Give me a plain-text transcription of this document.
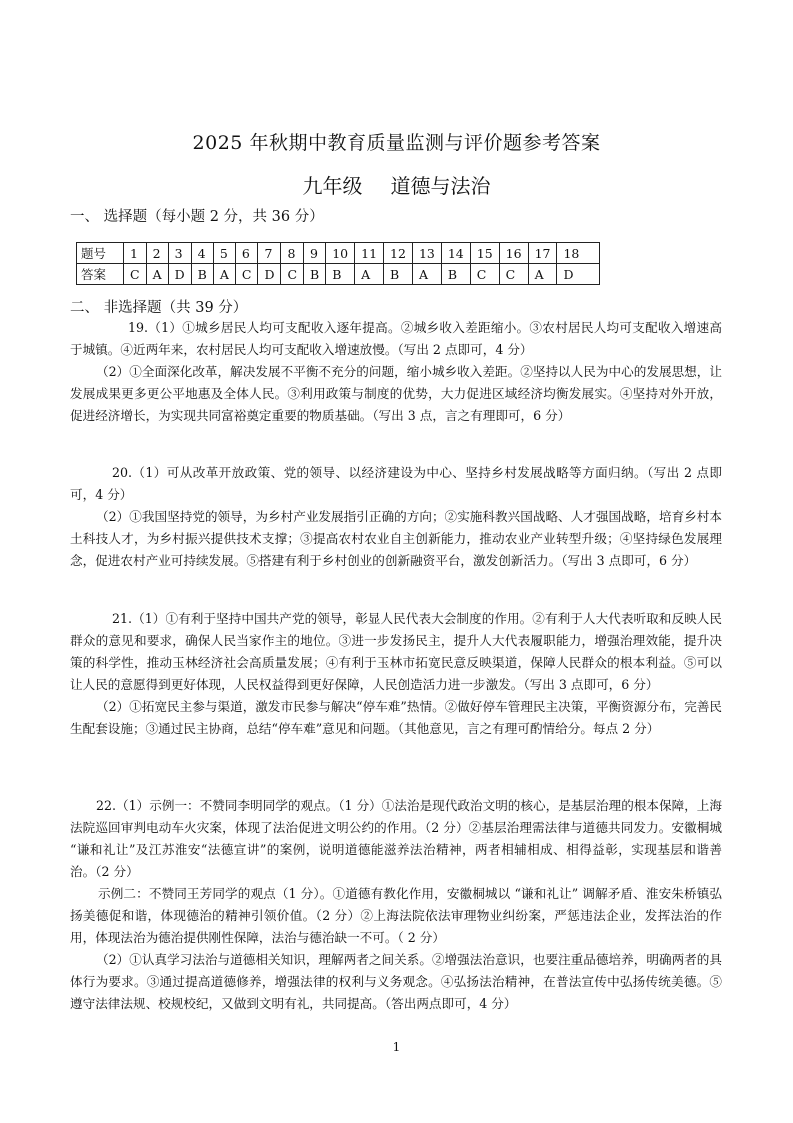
2025 年秋期中教育质量监测与评价题参考答案
九年级 道德与法治
一、 选择题（每小题 2 分，共 36 分）
题号	1	2	3	4	5	6	7	8	9	10	11	12	13	14	15	16	17	18
答案	C	A	D	B	A	C	D	C	B	B	A	B	A	B	C	C	A	D
二、 非选择题（共 39 分）

19.（1）①城乡居民人均可支配收入逐年提高。②城乡收入差距缩小。③农村居民人均可支配收入增速高于城镇。④近两年来，农村居民人均可支配收入增速放慢。（写出 2 点即可，4 分）

（2）①全面深化改革，解决发展不平衡不充分的问题，缩小城乡收入差距。②坚持以人民为中心的发展思想，让发展成果更多更公平地惠及全体人民。③利用政策与制度的优势，大力促进区域经济均衡发展实。④坚持对外开放，促进经济增长，为实现共同富裕奠定重要的物质基础。（写出 3 点，言之有理即可，6 分）

20.（1）可从改革开放政策、党的领导、以经济建设为中心、坚持乡村发展战略等方面归纳。（写出 2 点即可，4 分）

（2）①我国坚持党的领导，为乡村产业发展指引正确的方向；②实施科教兴国战略、人才强国战略，培育乡村本土科技人才，为乡村振兴提供技术支撑；③提高农村农业自主创新能力，推动农业产业转型升级；④坚持绿色发展理念，促进农村产业可持续发展。⑤搭建有利于乡村创业的创新融资平台，激发创新活力。（写出 3 点即可，6 分）

21.（1）①有利于坚持中国共产党的领导，彰显人民代表大会制度的作用。②有利于人大代表听取和反映人民群众的意见和要求，确保人民当家作主的地位。③进一步发扬民主，提升人大代表履职能力，增强治理效能，提升决策的科学性，推动玉林经济社会高质量发展；④有利于玉林市拓宽民意反映渠道，保障人民群众的根本利益。⑤可以让人民的意愿得到更好体现，人民权益得到更好保障，人民创造活力进一步激发。（写出 3 点即可，6 分）

（2）①拓宽民主参与渠道，激发市民参与解决“停车难”热情。②做好停车管理民主决策，平衡资源分布，完善民生配套设施；③通过民主协商，总结“停车难”意见和问题。（其他意见，言之有理可酌情给分。每点 2 分）

22.（1）示例一：不赞同李明同学的观点。（1 分）①法治是现代政治文明的核心，是基层治理的根本保障，上海法院巡回审判电动车火灾案，体现了法治促进文明公约的作用。（2 分）②基层治理需法律与道德共同发力。安徽桐城 “谦和礼让”及江苏淮安“法德宣讲”的案例，说明道德能滋养法治精神，两者相辅相成、相得益彰，实现基层和谐善治。（2 分）

示例二：不赞同王芳同学的观点（1 分）。①道德有教化作用，安徽桐城以 “谦和礼让” 调解矛盾、淮安朱桥镇弘扬美德促和谐，体现德治的精神引领价值。（2 分）②上海法院依法审理物业纠纷案，严惩违法企业，发挥法治的作用，体现法治为德治提供刚性保障，法治与德治缺一不可。（ 2 分）

（2）①认真学习法治与道德相关知识，理解两者之间关系。②增强法治意识，也要注重品德培养，明确两者的具体行为要求。③通过提高道德修养，增强法律的权利与义务观念。④弘扬法治精神，在普法宣传中弘扬传统美德。⑤遵守法律法规、校规校纪，又做到文明有礼，共同提高。（答出两点即可，4 分）

1
